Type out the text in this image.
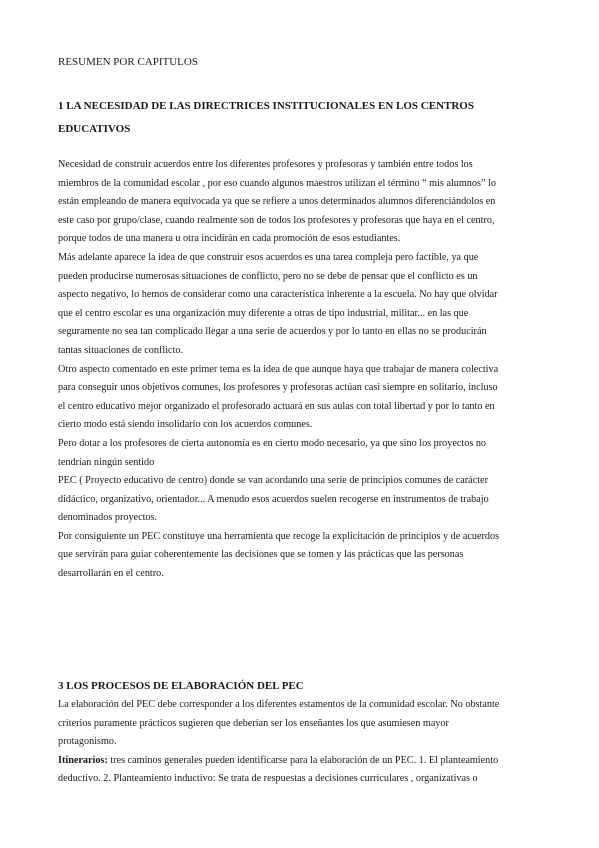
RESUMEN POR CAPITULOS

1 LA NECESIDAD DE LAS DIRECTRICES INSTITUCIONALES EN LOS CENTROS

EDUCATIVOS

Necesidad de construir acuerdos entre los diferentes profesores y profesoras y también entre todos los

miembros de la comunidad escolar , por eso cuando algunos maestros utilizan el término “ mis alumnos” lo

están empleando de manera equivocada ya que se refiere a unos determinados alumnos diferenciándolos en

este caso por grupo/clase, cuando realmente son de todos los profesores y profesoras que haya en el centro,

porque todos de una manera u otra incidirán en cada promoción de esos estudiantes.

Más adelante aparece la idea de que construir esos acuerdos es una tarea compleja pero factible, ya que

pueden producirse numerosas situaciones de conflicto, pero no se debe de pensar que el conflicto es un

aspecto negativo, lo hemos de considerar como una característica inherente a la escuela. No hay que olvidar

que el centro escolar es una organización muy diferente a otras de tipo industrial, militar... en las que

seguramente no sea tan complicado llegar a una serie de acuerdos y por lo tanto en ellas no se producirán

tantas situaciones de conflicto.

Otro aspecto comentado en este primer tema es la idea de que aunque haya que trabajar de manera colectiva

para conseguir unos objetivos comunes, los profesores y profesoras actúan casi siempre en solitario, incluso

el centro educativo mejor organizado el profesorado actuará en sus aulas con total libertad y por lo tanto en

cierto modo está siendo insolidario con los acuerdos comunes.

Pero dotar a los profesores de cierta autonomía es en cierto modo necesario, ya que sino los proyectos no

tendrían ningún sentido

PEC ( Proyecto educativo de centro) donde se van acordando una serie de principios comunes de carácter

didáctico, organizativo, orientador... A menudo esos acuerdos suelen recogerse en instrumentos de trabajo

denominados proyectos.

Por consiguiente un PEC constituye una herramienta que recoge la explicitación de principios y de acuerdos

que servirán para guiar coherentemente las decisiones que se tomen y las prácticas que las personas

desarrollarán en el centro.

3 LOS PROCESOS DE ELABORACIÓN DEL PEC

La elaboración del PEC debe corresponder a los diferentes estamentos de la comunidad escolar. No obstante

criterios puramente prácticos sugieren que deberían ser los enseñantes los que asumiesen mayor

protagonismo.

Itinerarios: tres caminos generales pueden identificarse para la elaboración de un PEC. 1. El planteamiento

deductivo. 2. Planteamiento inductivo: Se trata de respuestas a decisiones curriculares , organizativas o
